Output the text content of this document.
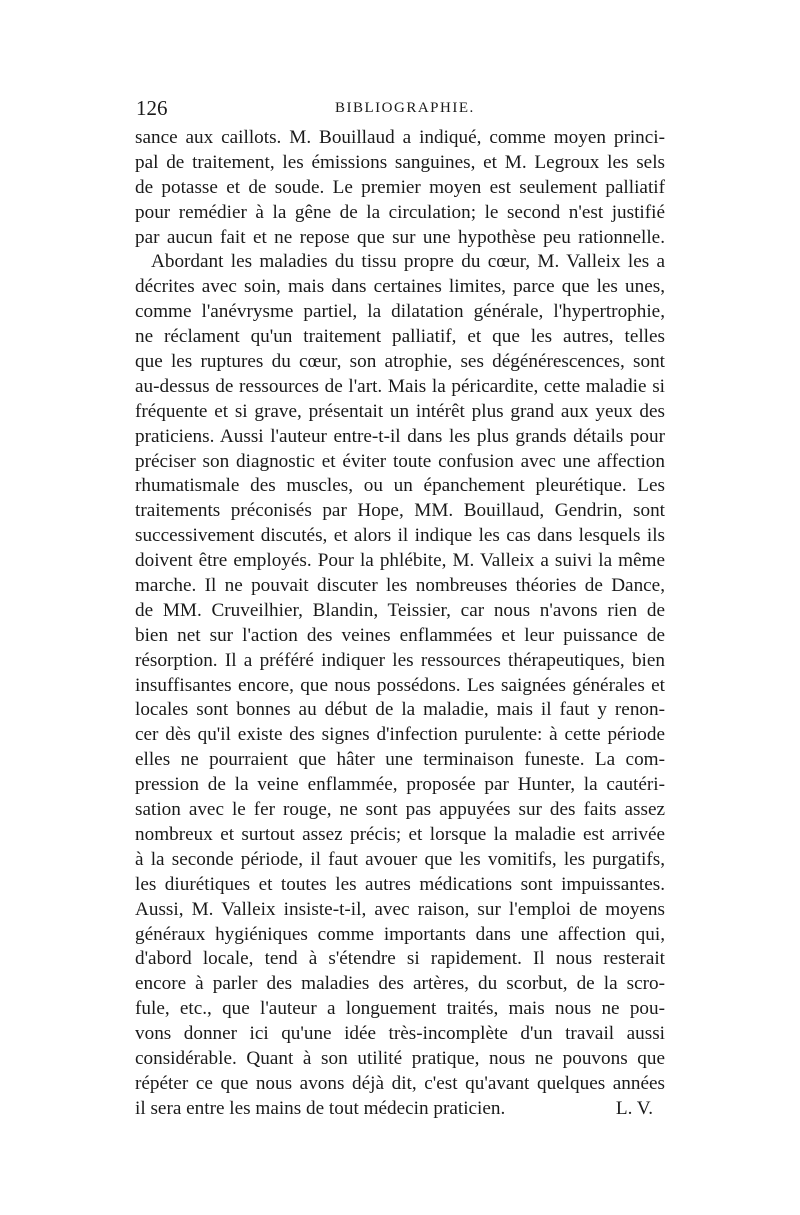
126	BIBLIOGRAPHIE.
sance aux caillots. M. Bouillaud a indiqué, comme moyen princi-
pal de traitement, les émissions sanguines, et M. Legroux les sels
de potasse et de soude. Le premier moyen est seulement palliatif
pour remédier à la gêne de la circulation; le second n'est justifié
par aucun fait et ne repose que sur une hypothèse peu rationnelle.
Abordant les maladies du tissu propre du cœur, M. Valleix les a
décrites avec soin, mais dans certaines limites, parce que les unes,
comme l'anévrysme partiel, la dilatation générale, l'hypertrophie,
ne réclament qu'un traitement palliatif, et que les autres, telles
que les ruptures du cœur, son atrophie, ses dégénérescences, sont
au-dessus de ressources de l'art. Mais la péricardite, cette maladie si
fréquente et si grave, présentait un intérêt plus grand aux yeux des
praticiens. Aussi l'auteur entre-t-il dans les plus grands détails pour
préciser son diagnostic et éviter toute confusion avec une affection
rhumatismale des muscles, ou un épanchement pleurétique. Les
traitements préconisés par Hope, MM. Bouillaud, Gendrin, sont
successivement discutés, et alors il indique les cas dans lesquels ils
doivent être employés. Pour la phlébite, M. Valleix a suivi la même
marche. Il ne pouvait discuter les nombreuses théories de Dance,
de MM. Cruveilhier, Blandin, Teissier, car nous n'avons rien de
bien net sur l'action des veines enflammées et leur puissance de
résorption. Il a préféré indiquer les ressources thérapeutiques, bien
insuffisantes encore, que nous possédons. Les saignées générales et
locales sont bonnes au début de la maladie, mais il faut y renon-
cer dès qu'il existe des signes d'infection purulente: à cette période
elles ne pourraient que hâter une terminaison funeste. La com-
pression de la veine enflammée, proposée par Hunter, la cautéri-
sation avec le fer rouge, ne sont pas appuyées sur des faits assez
nombreux et surtout assez précis; et lorsque la maladie est arrivée
à la seconde période, il faut avouer que les vomitifs, les purgatifs,
les diurétiques et toutes les autres médications sont impuissantes.
Aussi, M. Valleix insiste-t-il, avec raison, sur l'emploi de moyens
généraux hygiéniques comme importants dans une affection qui,
d'abord locale, tend à s'étendre si rapidement. Il nous resterait
encore à parler des maladies des artères, du scorbut, de la scro-
fule, etc., que l'auteur a longuement traités, mais nous ne pou-
vons donner ici qu'une idée très-incomplète d'un travail aussi
considérable. Quant à son utilité pratique, nous ne pouvons que
répéter ce que nous avons déjà dit, c'est qu'avant quelques années
il sera entre les mains de tout médecin praticien.	L. V.
